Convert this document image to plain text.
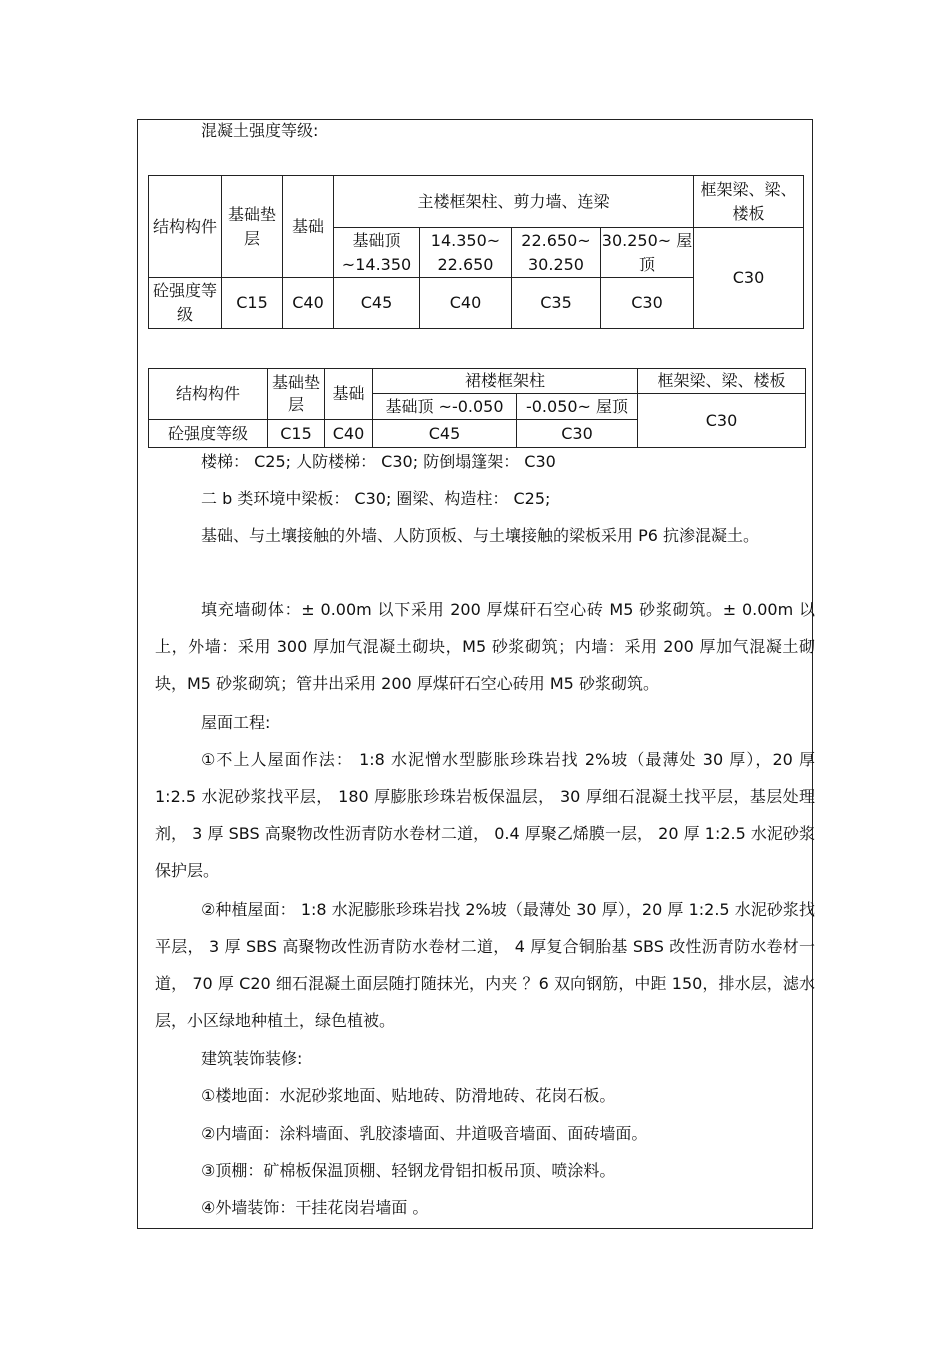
混凝土强度等级:
结构构件	基础垫层	基础	主楼框架柱、剪力墙、连梁				框架梁、梁、楼板
			基础顶 ~14.350	14.350~ 22.650	22.650~ 30.250	30.250~ 屋顶	C30
砼强度等级	C15	C40	C45	C40	C35	C30	
结构构件	基础垫层	基础	裙楼框架柱		框架梁、梁、楼板
			基础顶 ~-0.050	-0.050~ 屋顶	C30
砼强度等级	C15	C40	C45	C30	
楼梯： C25; 人防楼梯： C30; 防倒塌篷架： C30
二 b 类环境中梁板： C30; 圈梁、构造柱： C25;

基础、与土壤接触的外墙、人防顶板、与土壤接触的梁板采用 P6 抗渗混凝土。

填充墙砌体：± 0.00m 以下采用 200 厚煤矸石空心砖 M5 砂浆砌筑。± 0.00m 以上，外墙：采用 300 厚加气混凝土砌块，M5 砂浆砌筑；内墙：采用 200 厚加气混凝土砌块，M5 砂浆砌筑；管井出采用 200 厚煤矸石空心砖用 M5 砂浆砌筑。

屋面工程:

①不上人屋面作法： 1:8 水泥憎水型膨胀珍珠岩找 2%坡（最薄处 30 厚），20 厚 1:2.5 水泥砂浆找平层， 180 厚膨胀珍珠岩板保温层， 30 厚细石混凝土找平层，基层处理剂， 3 厚 SBS 高聚物改性沥青防水卷材二道， 0.4 厚聚乙烯膜一层， 20 厚 1:2.5 水泥砂浆保护层。

②种植屋面： 1:8 水泥膨胀珍珠岩找 2%坡（最薄处 30 厚），20 厚 1:2.5 水泥砂浆找平层， 3 厚 SBS 高聚物改性沥青防水卷材二道， 4 厚复合铜胎基 SBS 改性沥青防水卷材一道， 70 厚 C20 细石混凝土面层随打随抹光，内夹 ？6 双向钢筋，中距 150，排水层，滤水层，小区绿地种植土，绿色植被。

建筑装饰装修:
①楼地面：水泥砂浆地面、贴地砖、防滑地砖、花岗石板。
②内墙面：涂料墙面、乳胶漆墙面、井道吸音墙面、面砖墙面。
③顶棚：矿棉板保温顶棚、轻钢龙骨铝扣板吊顶、喷涂料。
④外墙装饰：干挂花岗岩墙面 。
